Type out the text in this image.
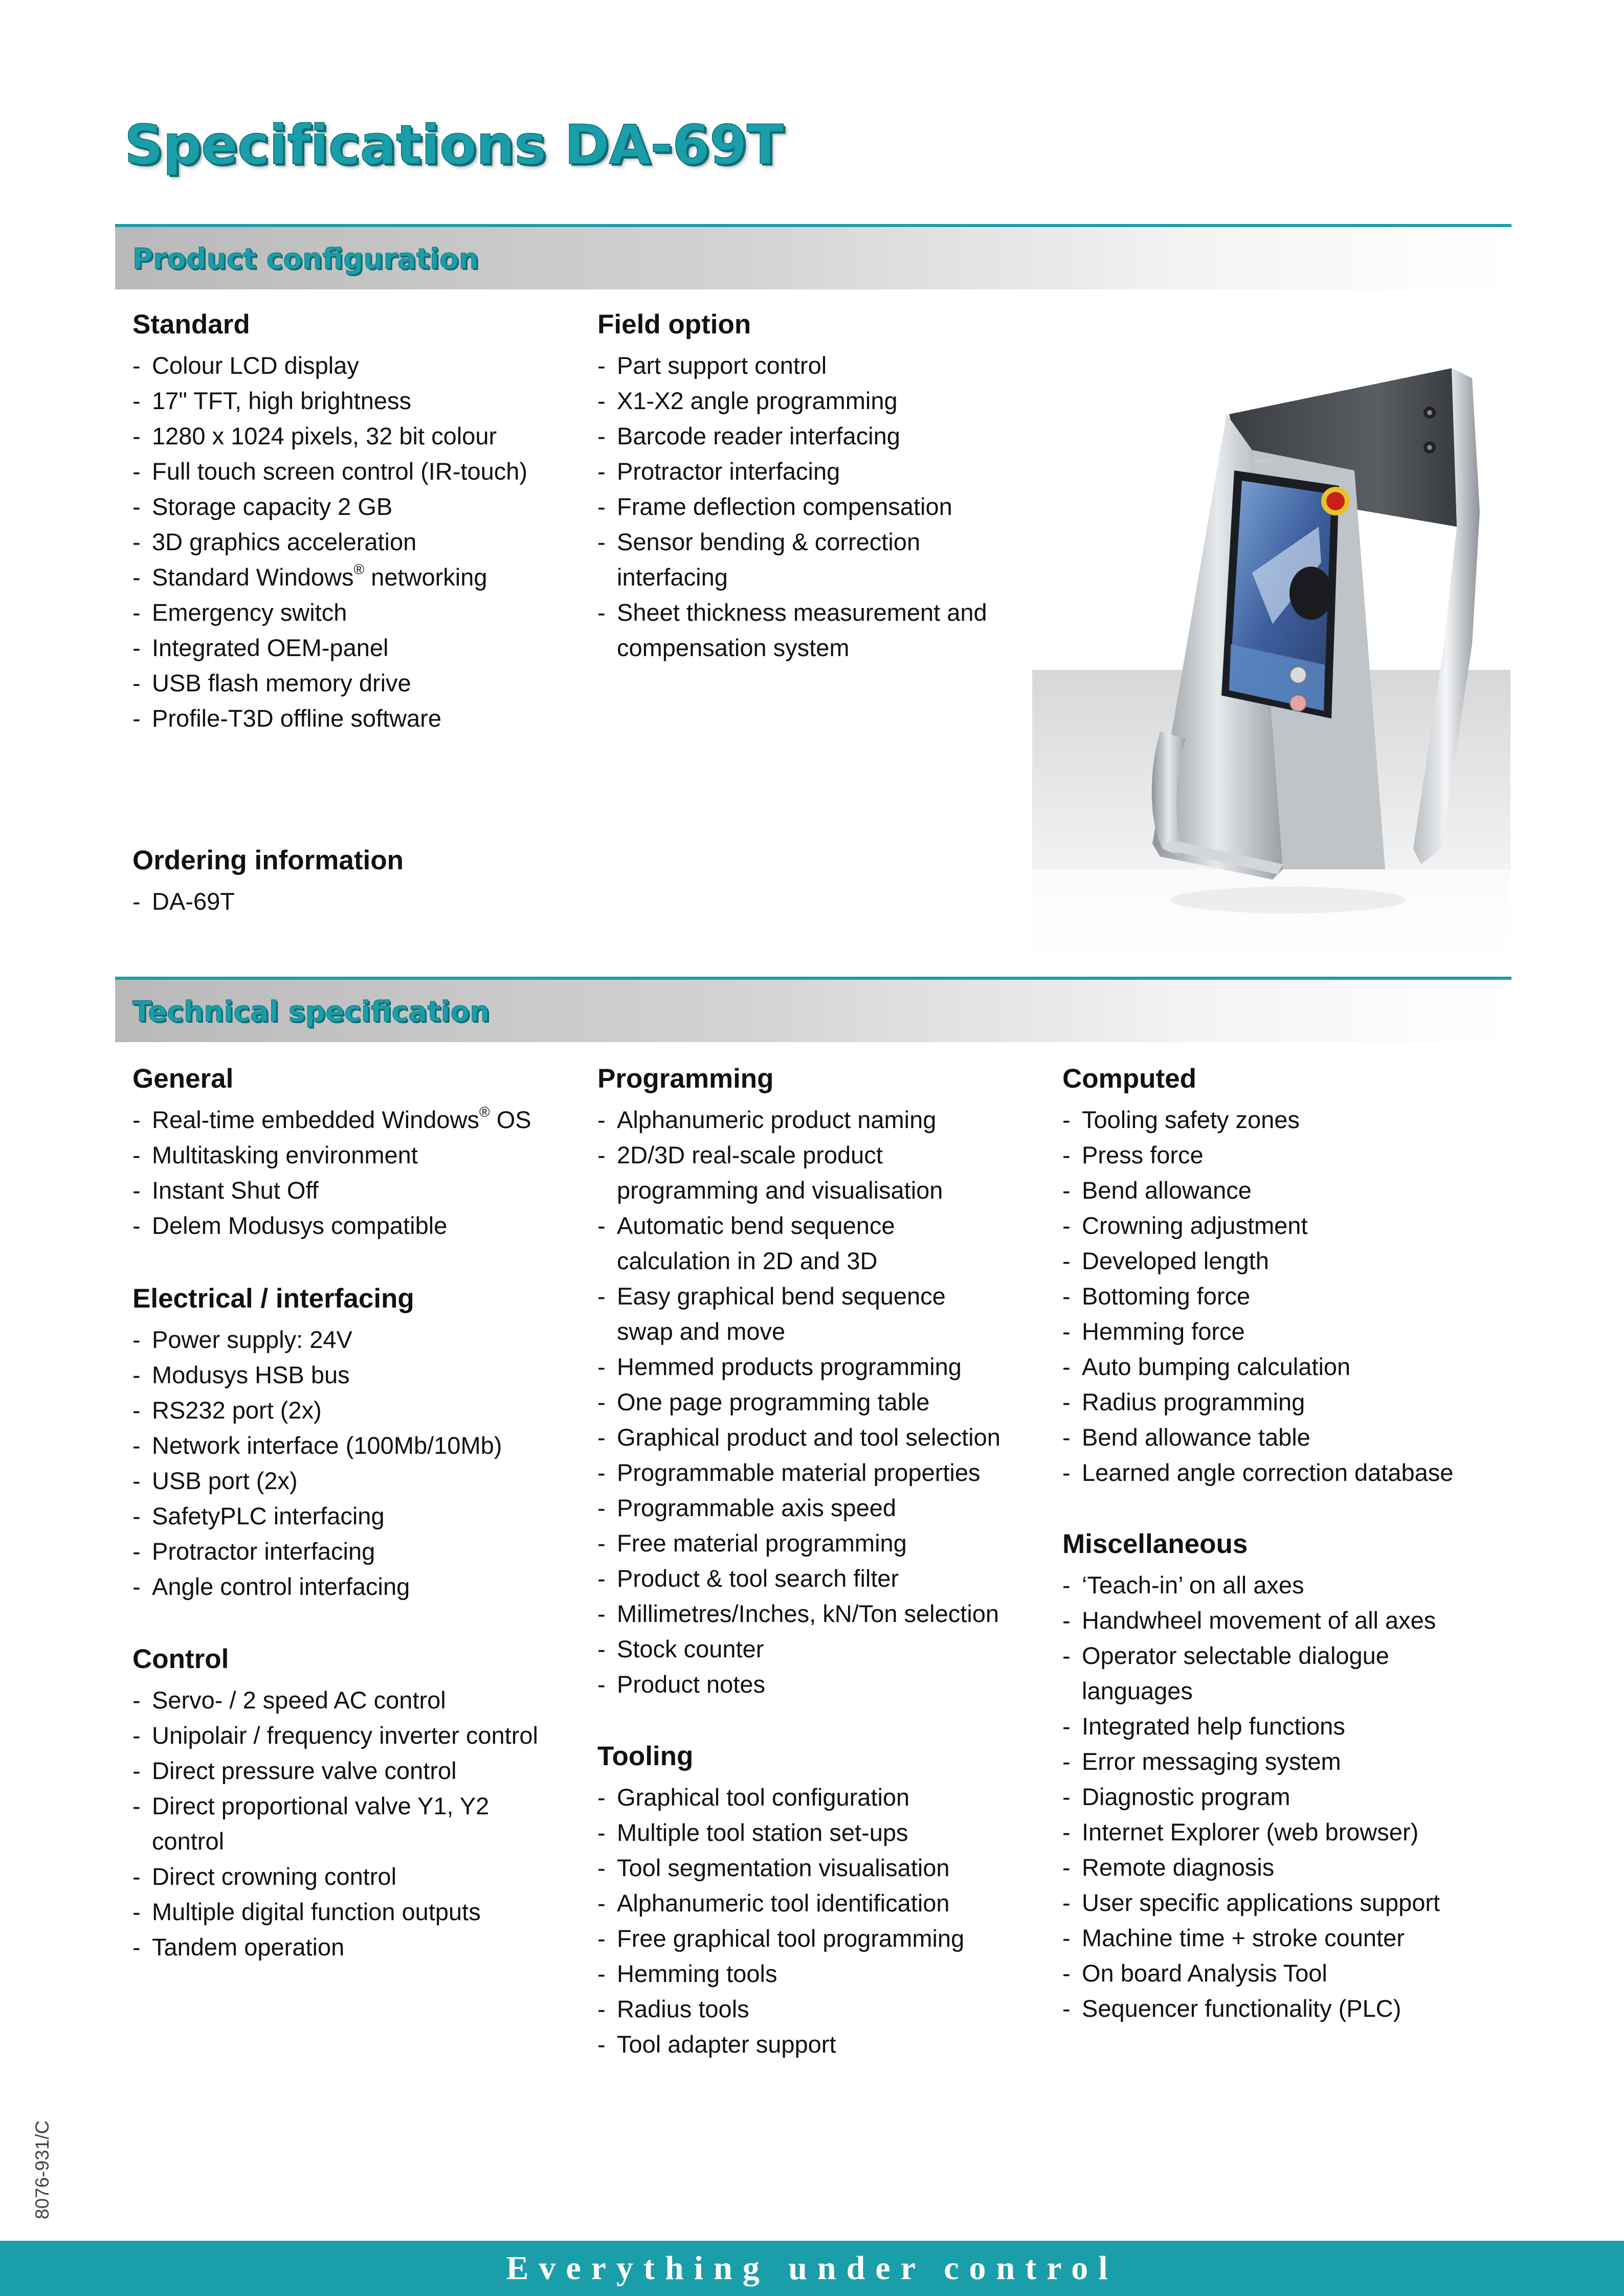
Specifications DA-69T
Product configuration
Standard
- Colour LCD display
- 17" TFT, high brightness
- 1280 x 1024 pixels, 32 bit colour
- Full touch screen control (IR-touch)
- Storage capacity 2 GB
- 3D graphics acceleration
- Standard Windows® networking
- Emergency switch
- Integrated OEM-panel
- USB flash memory drive
- Profile-T3D offline software
Field option
- Part support control
- X1-X2 angle programming
- Barcode reader interfacing
- Protractor interfacing
- Frame deflection compensation
- Sensor bending & correction interfacing
- Sheet thickness measurement and compensation system
Delem
Ordering information
- DA-69T
Technical specification
General
- Real-time embedded Windows® OS
- Multitasking environment
- Instant Shut Off
- Delem Modusys compatible
Electrical / interfacing
- Power supply: 24V
- Modusys HSB bus
- RS232 port (2x)
- Network interface (100Mb/10Mb)
- USB port (2x)
- SafetyPLC interfacing
- Protractor interfacing
- Angle control interfacing
Control
- Servo- / 2 speed AC control
- Unipolair / frequency inverter control
- Direct pressure valve control
- Direct proportional valve Y1, Y2 control
- Direct crowning control
- Multiple digital function outputs
- Tandem operation
Programming
- Alphanumeric product naming
- 2D/3D real-scale product programming and visualisation
- Automatic bend sequence calculation in 2D and 3D
- Easy graphical bend sequence swap and move
- Hemmed products programming
- One page programming table
- Graphical product and tool selection
- Programmable material properties
- Programmable axis speed
- Free material programming
- Product & tool search filter
- Millimetres/Inches, kN/Ton selection
- Stock counter
- Product notes
Tooling
- Graphical tool configuration
- Multiple tool station set-ups
- Tool segmentation visualisation
- Alphanumeric tool identification
- Free graphical tool programming
- Hemming tools
- Radius tools
- Tool adapter support
Computed
- Tooling safety zones
- Press force
- Bend allowance
- Crowning adjustment
- Developed length
- Bottoming force
- Hemming force
- Auto bumping calculation
- Radius programming
- Bend allowance table
- Learned angle correction database
Miscellaneous
- ‘Teach-in’ on all axes
- Handwheel movement of all axes
- Operator selectable dialogue languages
- Integrated help functions
- Error messaging system
- Diagnostic program
- Internet Explorer (web browser)
- Remote diagnosis
- User specific applications support
- Machine time + stroke counter
- On board Analysis Tool
- Sequencer functionality (PLC)
8076-931/C
Everything under control
